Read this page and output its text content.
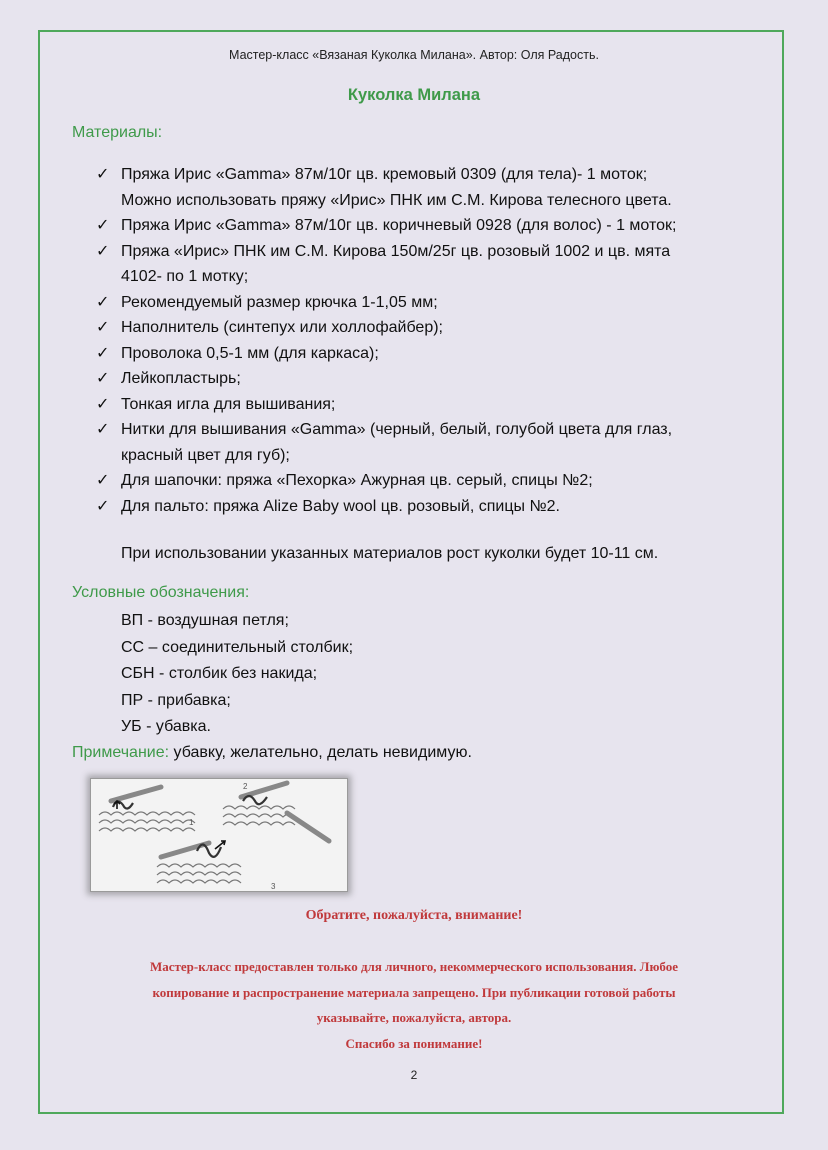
Мастер-класс «Вязаная Куколка Милана». Автор: Оля Радость.
Куколка Милана
Материалы:
✓ Пряжа Ирис «Gamma» 87м/10г цв. кремовый 0309 (для тела)- 1 моток;
Можно использовать пряжу «Ирис» ПНК им С.М. Кирова телесного цвета.
✓ Пряжа Ирис «Gamma» 87м/10г цв. коричневый 0928 (для волос) - 1 моток;
✓ Пряжа «Ирис» ПНК им С.М. Кирова 150м/25г цв. розовый 1002 и цв. мята
4102- по 1 мотку;
✓ Рекомендуемый размер крючка 1-1,05 мм;
✓ Наполнитель (синтепух или холлофайбер);
✓ Проволока 0,5-1 мм (для каркаса);
✓ Лейкопластырь;
✓ Тонкая игла для вышивания;
✓ Нитки для вышивания «Gamma» (черный, белый, голубой цвета для глаз,
красный цвет для губ);
✓ Для шапочки: пряжа «Пехорка» Ажурная цв. серый, спицы №2;
✓ Для пальто: пряжа Alize Baby wool цв. розовый, спицы №2.
При использовании указанных материалов рост куколки будет 10-11 см.
Условные обозначения:
ВП - воздушная петля;
СС – соединительный столбик;
СБН - столбик без накида;
ПР - прибавка;
УБ - убавка.
Примечание: убавку, желательно, делать невидимую.
1
2
3
Обратите, пожалуйста, внимание!
Мастер-класс предоставлен только для личного, некоммерческого использования. Любое
копирование и распространение материала запрещено. При публикации готовой работы
указывайте, пожалуйста, автора.
Спасибо за понимание!
2
